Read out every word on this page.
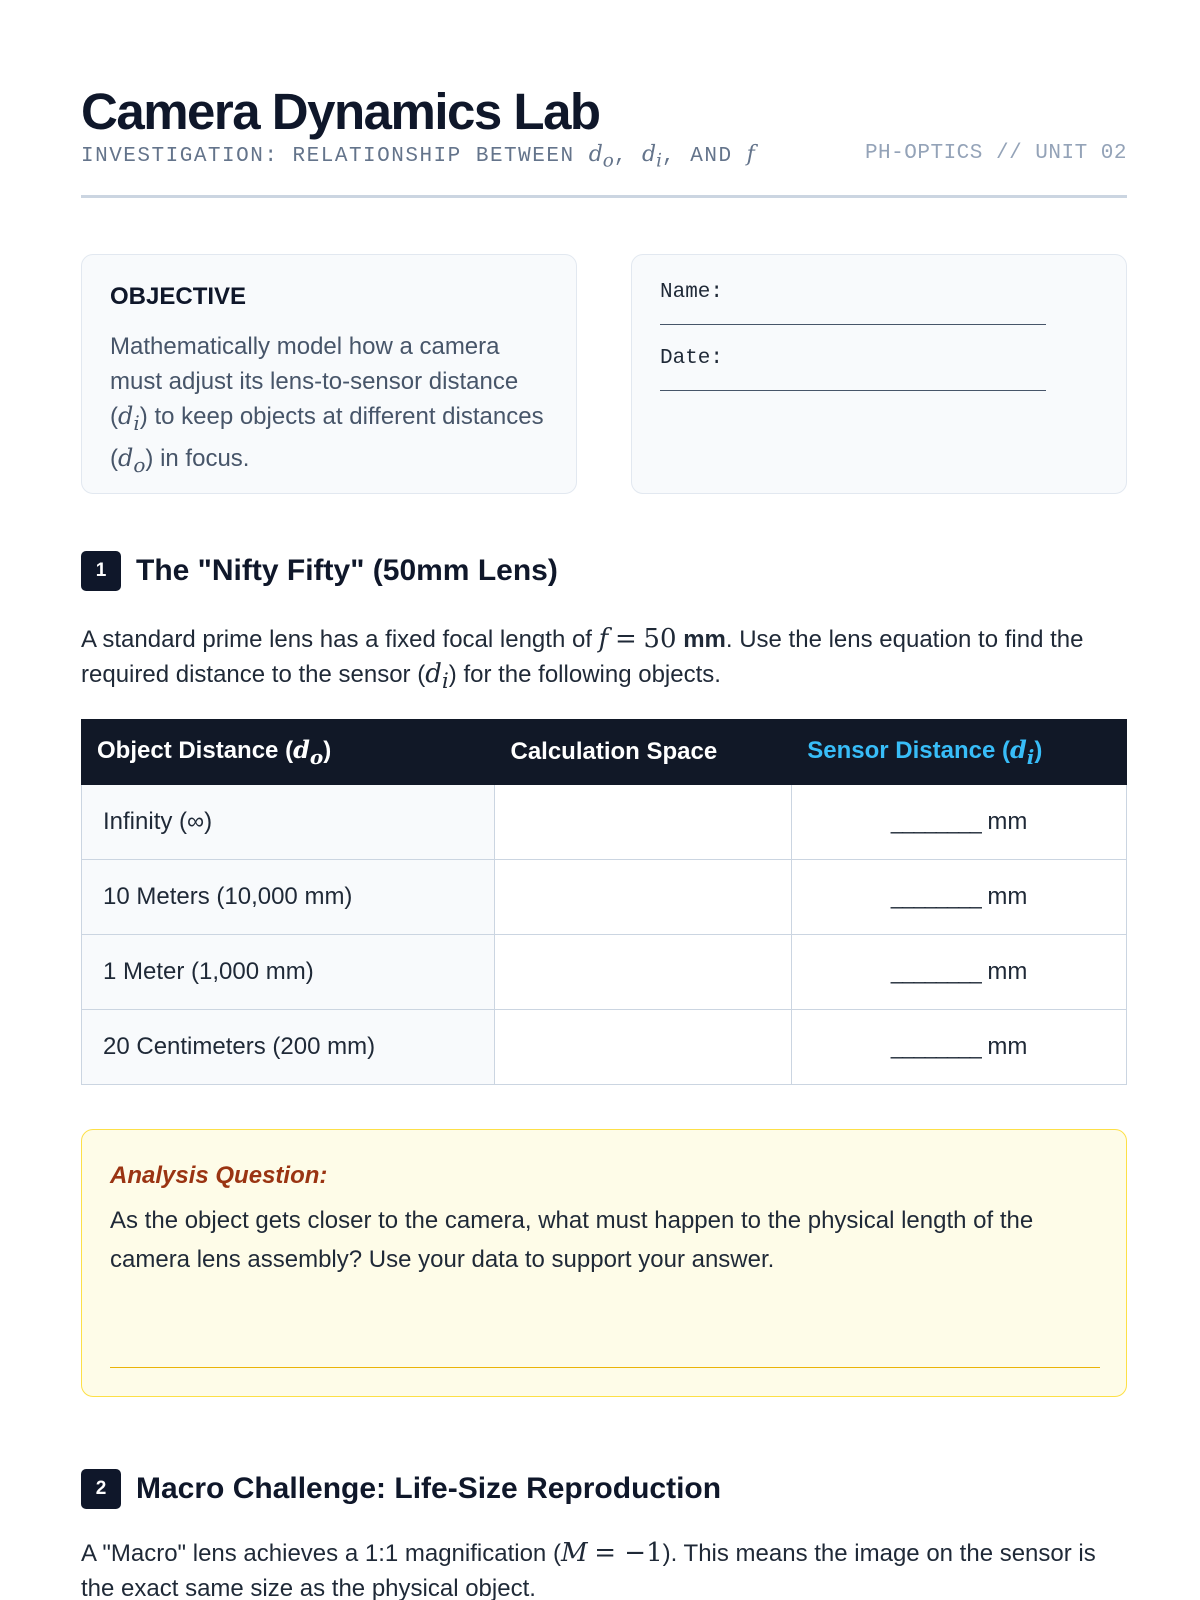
Camera Dynamics Lab
INVESTIGATION: RELATIONSHIP BETWEEN $d_o$, $d_i$, AND f	PH-OPTICS // UNIT 02
OBJECTIVE
Mathematically model how a camera must adjust its lens-to-sensor distance $(d_i)$ to keep objects at different distances $(d_o)$ in focus.
Name:
Date:
1 The "Nifty Fifty" (50mm Lens)
A standard prime lens has a fixed focal length of f = 50 mm. Use the lens equation to find the required distance to the sensor $(d_i)$ for the following objects.
Object Distance $(d_o)$	Calculation Space	Sensor Distance $(d_i)$
Infinity (∞)		________ mm
10 Meters (10,000 mm)		________ mm
1 Meter (1,000 mm)		________ mm
20 Centimeters (200 mm)		________ mm
Analysis Question:
As the object gets closer to the camera, what must happen to the physical length of the camera lens assembly? Use your data to support your answer.
2 Macro Challenge: Life-Size Reproduction
A "Macro" lens achieves a 1:1 magnification (M = −1). This means the image on the sensor is the exact same size as the physical object.
